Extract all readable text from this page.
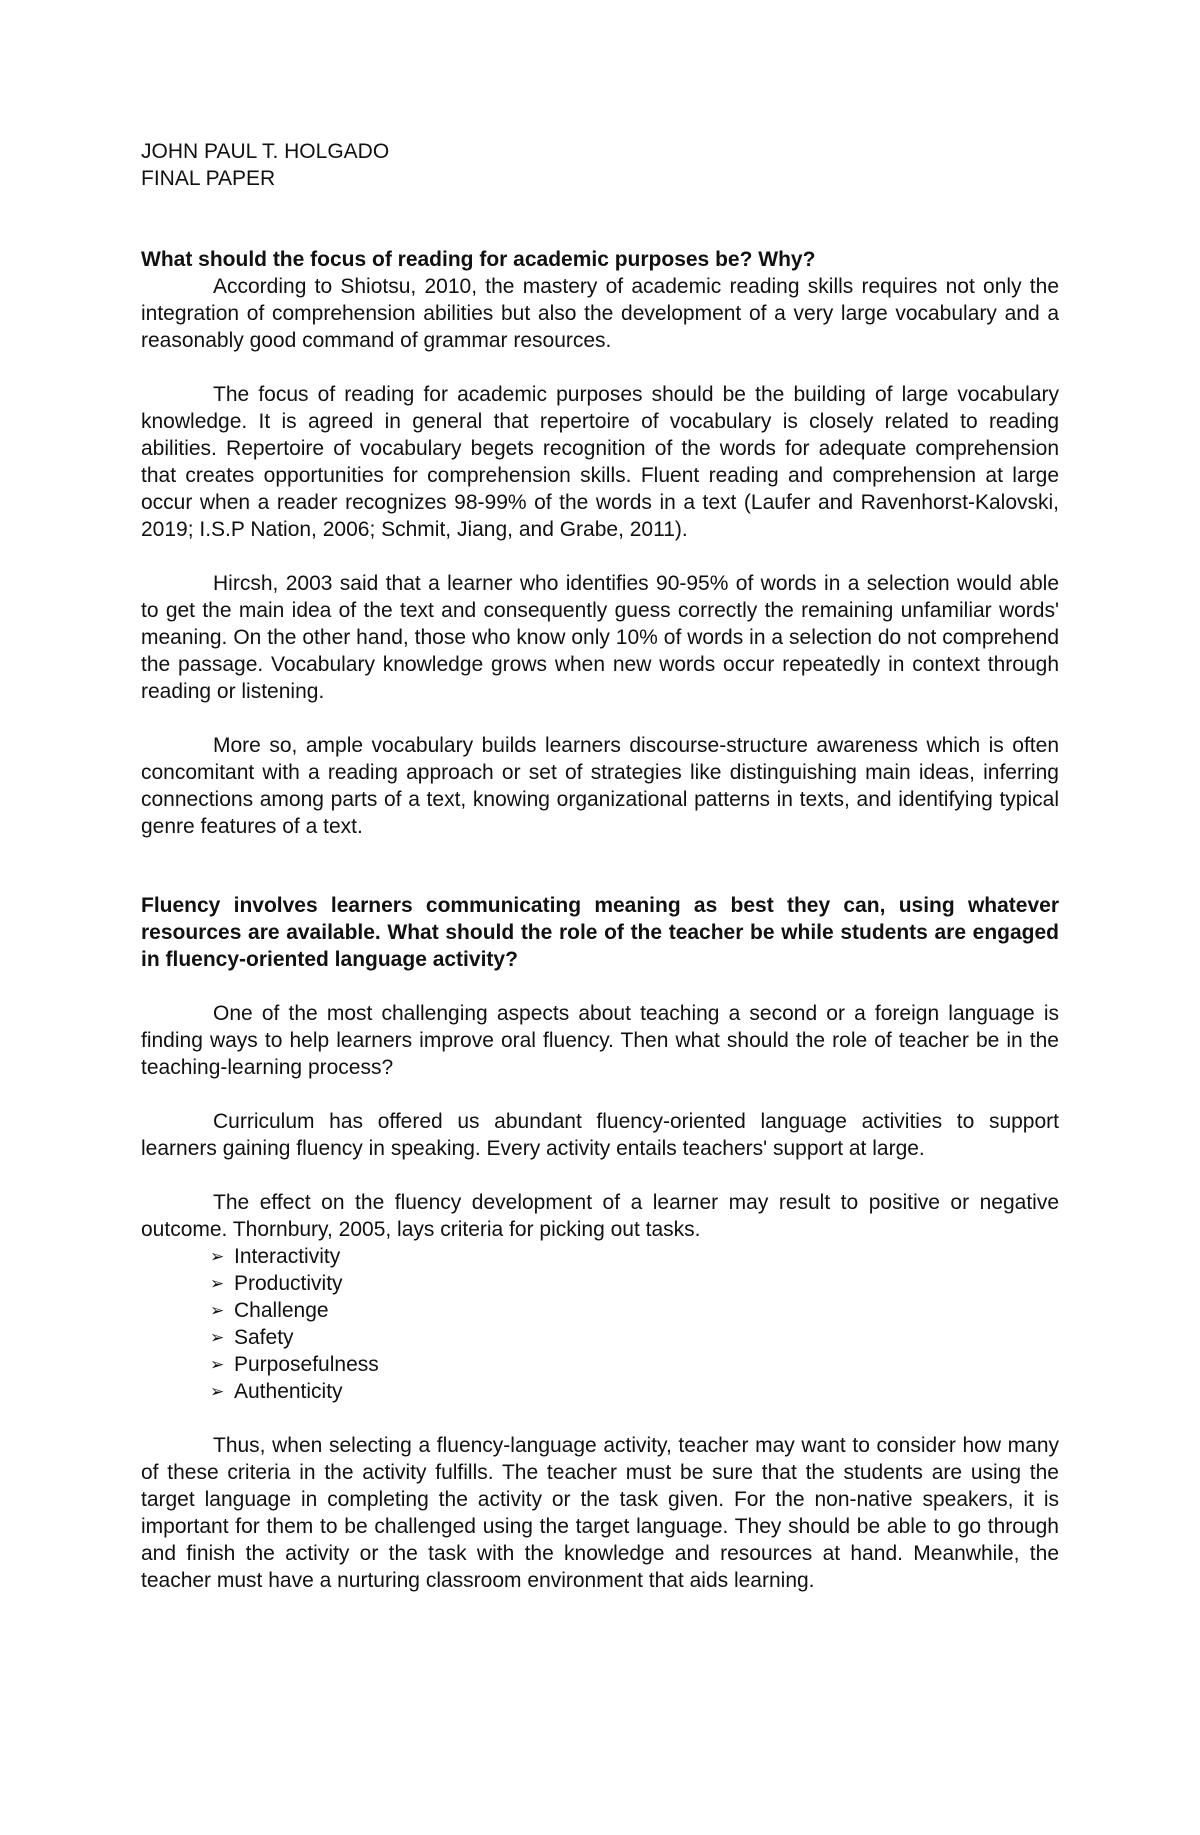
JOHN PAUL T. HOLGADO
FINAL PAPER
What should the focus of reading for academic purposes be? Why?

According to Shiotsu, 2010, the mastery of academic reading skills requires not only the integration of comprehension abilities but also the development of a very large vocabulary and a reasonably good command of grammar resources.

The focus of reading for academic purposes should be the building of large vocabulary knowledge. It is agreed in general that repertoire of vocabulary is closely related to reading abilities. Repertoire of vocabulary begets recognition of the words for adequate comprehension that creates opportunities for comprehension skills. Fluent reading and comprehension at large occur when a reader recognizes 98-99% of the words in a text (Laufer and Ravenhorst-Kalovski, 2019; I.S.P Nation, 2006; Schmit, Jiang, and Grabe, 2011).

Hircsh, 2003 said that a learner who identifies 90-95% of words in a selection would able to get the main idea of the text and consequently guess correctly the remaining unfamiliar words' meaning. On the other hand, those who know only 10% of words in a selection do not comprehend the passage. Vocabulary knowledge grows when new words occur repeatedly in context through reading or listening.

More so, ample vocabulary builds learners discourse-structure awareness which is often concomitant with a reading approach or set of strategies like distinguishing main ideas, inferring connections among parts of a text, knowing organizational patterns in texts, and identifying typical genre features of a text.

Fluency involves learners communicating meaning as best they can, using whatever resources are available. What should the role of the teacher be while students are engaged in fluency-oriented language activity?

One of the most challenging aspects about teaching a second or a foreign language is finding ways to help learners improve oral fluency. Then what should the role of teacher be in the teaching-learning process?

Curriculum has offered us abundant fluency-oriented language activities to support learners gaining fluency in speaking. Every activity entails teachers' support at large.

The effect on the fluency development of a learner may result to positive or negative outcome. Thornbury, 2005, lays criteria for picking out tasks.

➢ Interactivity
➢ Productivity
➢ Challenge
➢ Safety
➢ Purposefulness
➢ Authenticity

Thus, when selecting a fluency-language activity, teacher may want to consider how many of these criteria in the activity fulfills. The teacher must be sure that the students are using the target language in completing the activity or the task given. For the non-native speakers, it is important for them to be challenged using the target language. They should be able to go through and finish the activity or the task with the knowledge and resources at hand. Meanwhile, the teacher must have a nurturing classroom environment that aids learning.
